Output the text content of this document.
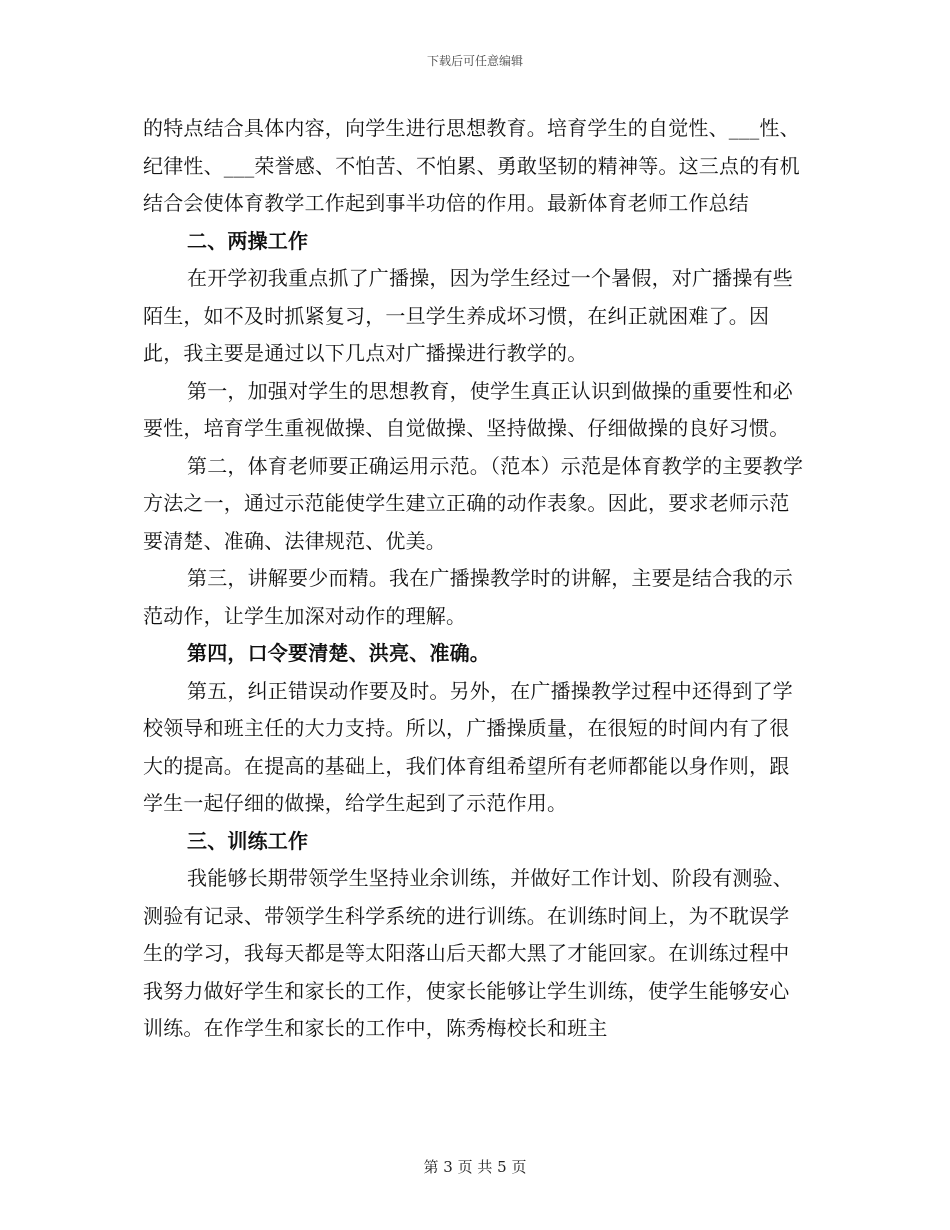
下载后可任意编辑

的特点结合具体内容，向学生进行思想教育。培育学生的自觉性、___性、纪律性、___荣誉感、不怕苦、不怕累、勇敢坚韧的精神等。这三点的有机结合会使体育教学工作起到事半功倍的作用。最新体育老师工作总结

二、两操工作

在开学初我重点抓了广播操，因为学生经过一个暑假，对广播操有些陌生，如不及时抓紧复习，一旦学生养成坏习惯，在纠正就困难了。因此，我主要是通过以下几点对广播操进行教学的。

第一，加强对学生的思想教育，使学生真正认识到做操的重要性和必要性，培育学生重视做操、自觉做操、坚持做操、仔细做操的良好习惯。

第二，体育老师要正确运用示范。（范本）示范是体育教学的主要教学方法之一，通过示范能使学生建立正确的动作表象。因此，要求老师示范要清楚、准确、法律规范、优美。

第三，讲解要少而精。我在广播操教学时的讲解，主要是结合我的示范动作，让学生加深对动作的理解。

第四，口令要清楚、洪亮、准确。

第五，纠正错误动作要及时。另外，在广播操教学过程中还得到了学校领导和班主任的大力支持。所以，广播操质量，在很短的时间内有了很大的提高。在提高的基础上，我们体育组希望所有老师都能以身作则，跟学生一起仔细的做操，给学生起到了示范作用。

三、训练工作

我能够长期带领学生坚持业余训练，并做好工作计划、阶段有测验、测验有记录、带领学生科学系统的进行训练。在训练时间上，为不耽误学生的学习，我每天都是等太阳落山后天都大黑了才能回家。在训练过程中我努力做好学生和家长的工作，使家长能够让学生训练，使学生能够安心训练。在作学生和家长的工作中，陈秀梅校长和班主

第 3 页 共 5 页
